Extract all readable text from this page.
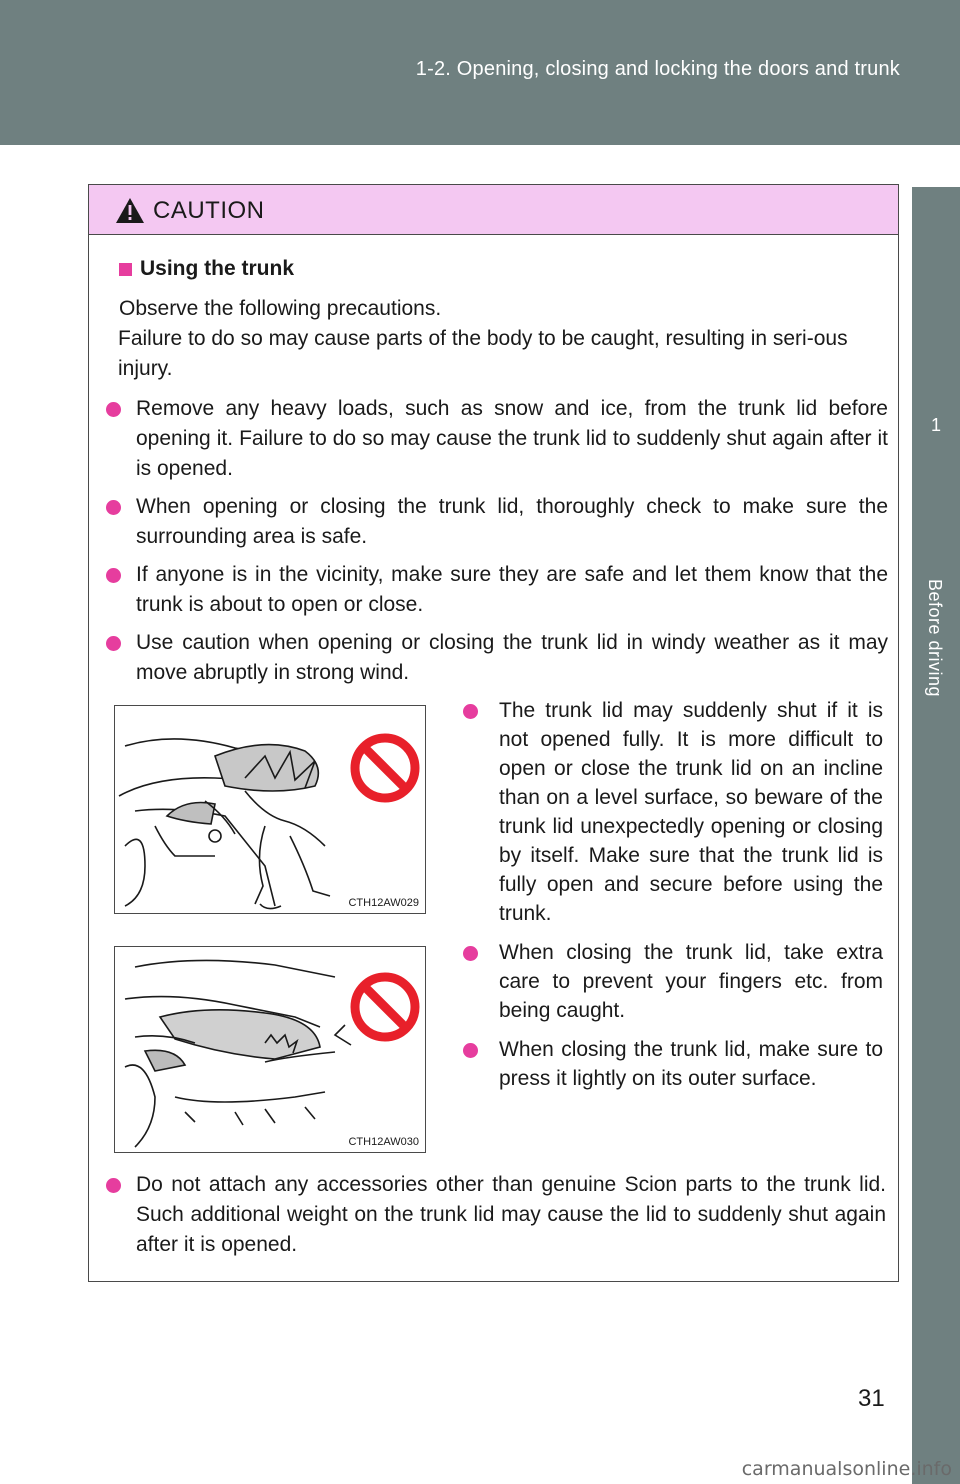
1-2. Opening, closing and locking the doors and trunk
1
Before driving
CAUTION
Using the trunk
Observe the following precautions.
Failure to do so may cause parts of the body to be caught, resulting in seri-ous injury.
Remove any heavy loads, such as snow and ice, from the trunk lid before opening it. Failure to do so may cause the trunk lid to suddenly shut again after it is opened.
When opening or closing the trunk lid, thoroughly check to make sure the surrounding area is safe.
If anyone is in the vicinity, make sure they are safe and let them know that the trunk is about to open or close.
Use caution when opening or closing the trunk lid in windy weather as it may move abruptly in strong wind.
CTH12AW029
CTH12AW030
The trunk lid may suddenly shut if it is not opened fully. It is more difficult to open or close the trunk lid on an incline than on a level surface, so beware of the trunk lid unexpectedly opening or closing by itself. Make sure that the trunk lid is fully open and secure before using the trunk.
When closing the trunk lid, take extra care to prevent your fingers etc. from being caught.
When closing the trunk lid, make sure to press it lightly on its outer surface.
Do not attach any accessories other than genuine Scion parts to the trunk lid. Such additional weight on the trunk lid may cause the lid to suddenly shut again after it is opened.
31
carmanualsonline.info
